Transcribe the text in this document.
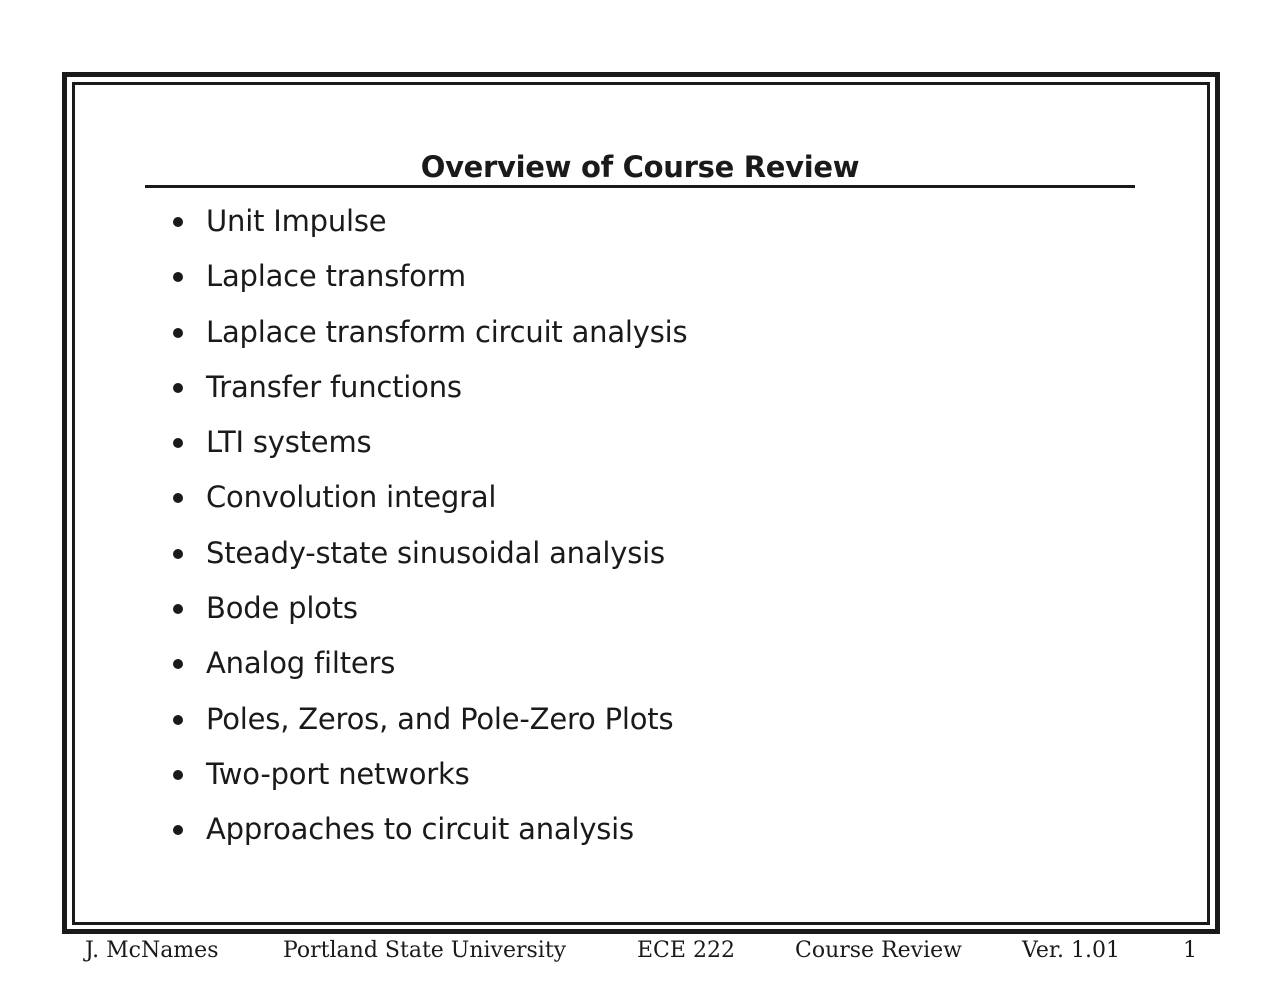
Overview of Course Review
Unit Impulse
Laplace transform
Laplace transform circuit analysis
Transfer functions
LTI systems
Convolution integral
Steady-state sinusoidal analysis
Bode plots
Analog filters
Poles, Zeros, and Pole-Zero Plots
Two-port networks
Approaches to circuit analysis
J. McNames	Portland State University	ECE 222	Course Review	Ver. 1.01	1
